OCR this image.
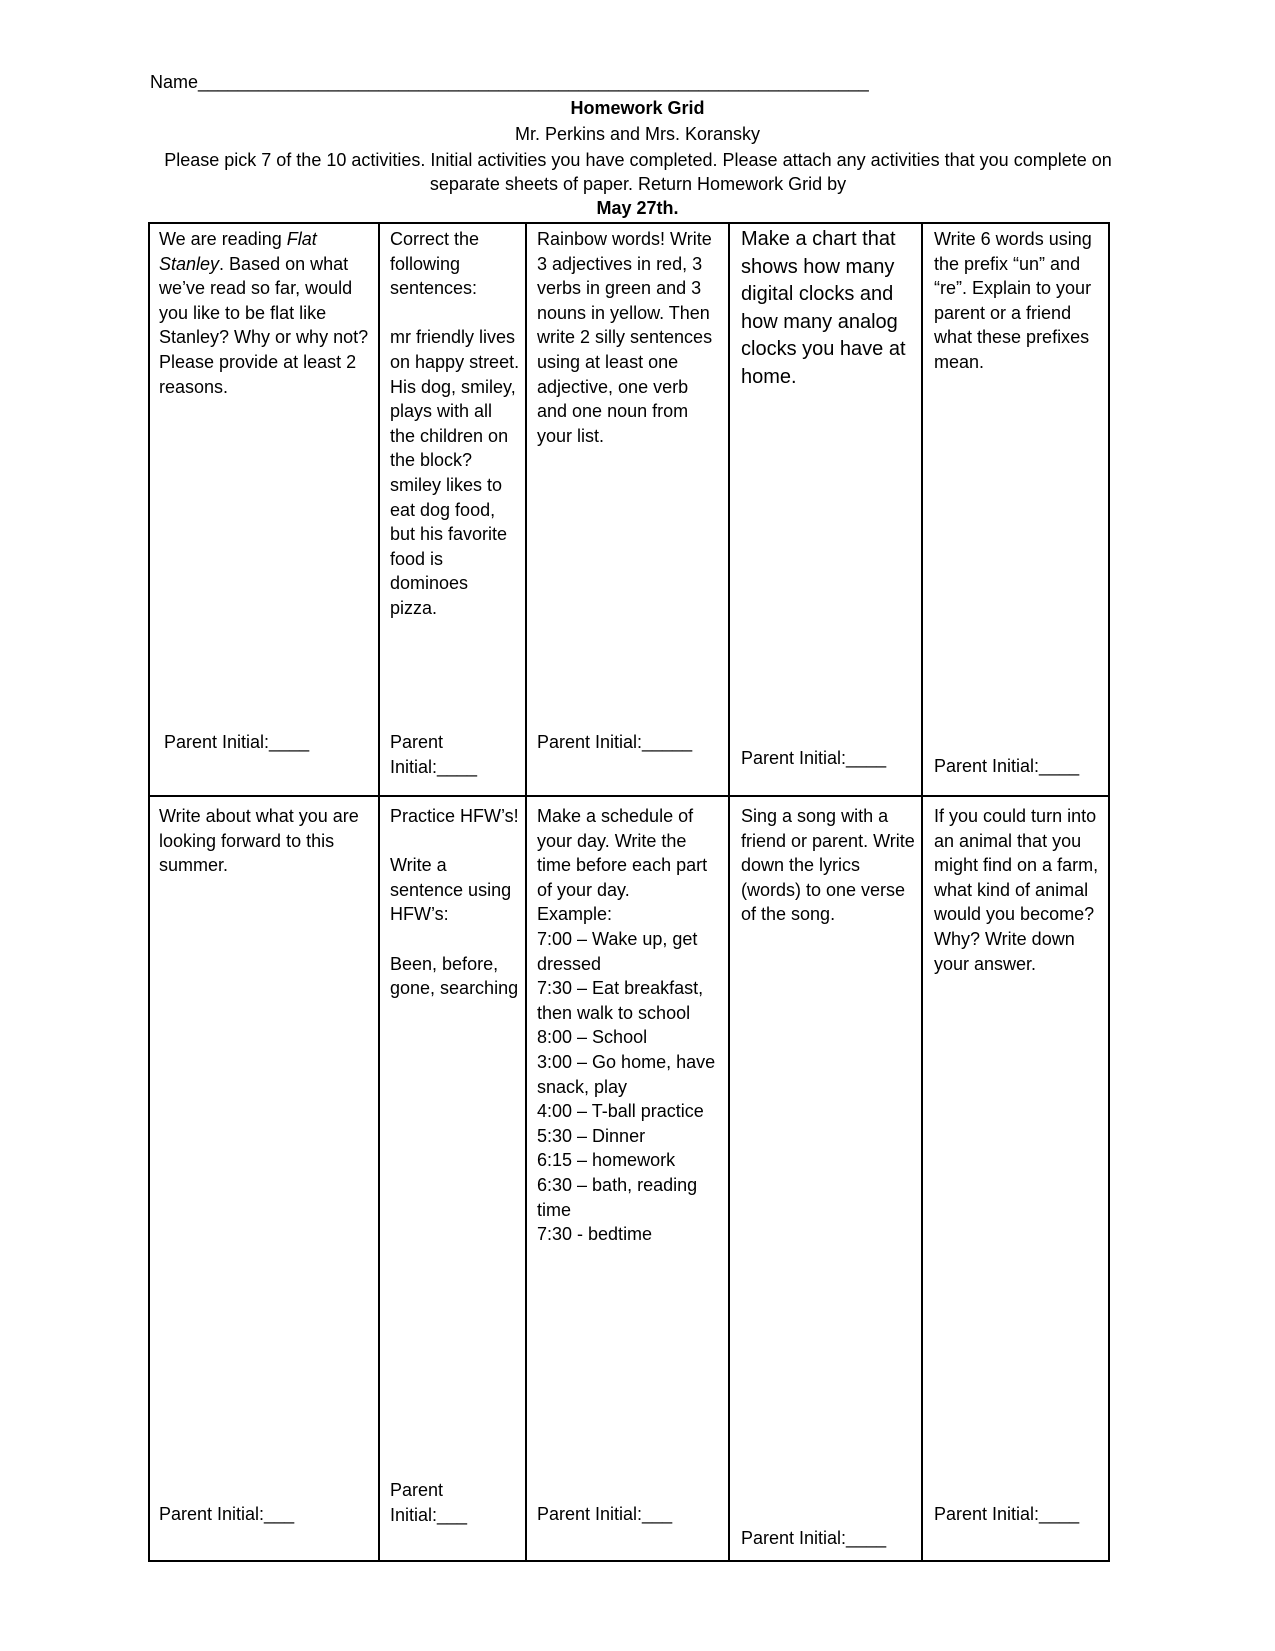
Name___________________________________________________________________
Homework Grid
Mr. Perkins and Mrs. Koransky
Please pick 7 of the 10 activities. Initial activities you have completed. Please attach any activities that you complete on separate sheets of paper. Return Homework Grid by
May 27th.
We are reading Flat Stanley. Based on what we’ve read so far, would you like to be flat like Stanley? Why or why not? Please provide at least 2 reasons.
Parent Initial:____
Correct the following sentences:

mr friendly lives on happy street. His dog, smiley, plays with all the children on the block? smiley likes to eat dog food, but his favorite food is dominoes pizza.
Parent Initial:____
Rainbow words! Write 3 adjectives in red, 3 verbs in green and 3 nouns in yellow. Then write 2 silly sentences using at least one adjective, one verb and one noun from your list.
Parent Initial:_____
Make a chart that shows how many digital clocks and how many analog clocks you have at home.
Parent Initial:____
Write 6 words using the prefix “un” and “re”. Explain to your parent or a friend what these prefixes mean.
Parent Initial:____
Write about what you are looking forward to this summer.
Parent Initial:___
Practice HFW’s!

Write a sentence using HFW’s:

Been, before, gone, searching
Parent Initial:___
Make a schedule of your day. Write the time before each part of your day.
Example:
7:00 – Wake up, get dressed
7:30 – Eat breakfast, then walk to school
8:00 – School
3:00 – Go home, have snack, play
4:00 – T-ball practice
5:30 – Dinner
6:15 – homework
6:30 – bath, reading time
7:30 - bedtime
Parent Initial:___
Sing a song with a friend or parent. Write down the lyrics (words) to one verse of the song.
Parent Initial:____
If you could turn into an animal that you might find on a farm, what kind of animal would you become? Why? Write down your answer.
Parent Initial:____
